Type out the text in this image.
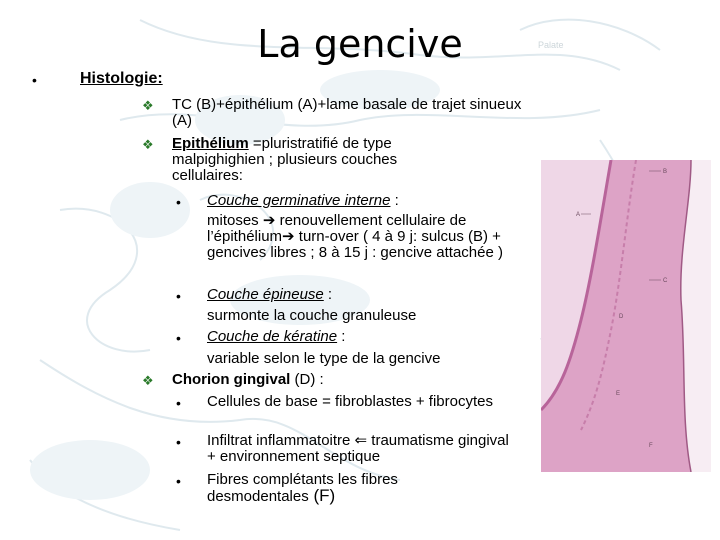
Palate
La gencive
•	Histologie:
❖ TC (B)+épithélium (A)+lame basale de trajet sinueux (A)
❖ Epithélium =pluristratifié de type malpighighien ; plusieurs couches cellulaires:
• Couche germinative interne :
mitoses ➔ renouvellement cellulaire de l’épithélium➔ turn-over ( 4 à 9 j: sulcus (B) + gencives libres ; 8 à 15 j : gencive attachée )
• Couche épineuse :
surmonte la couche granuleuse
• Couche de kératine :
variable selon le type de la gencive
❖ Chorion gingival (D) :
• Cellules de base = fibroblastes + fibrocytes
• Infiltrat inflammatoitre ⇐ traumatisme gingival + environnement septique
• Fibres complétants les fibres desmodentales (F)
A
B
C
D
E
F
